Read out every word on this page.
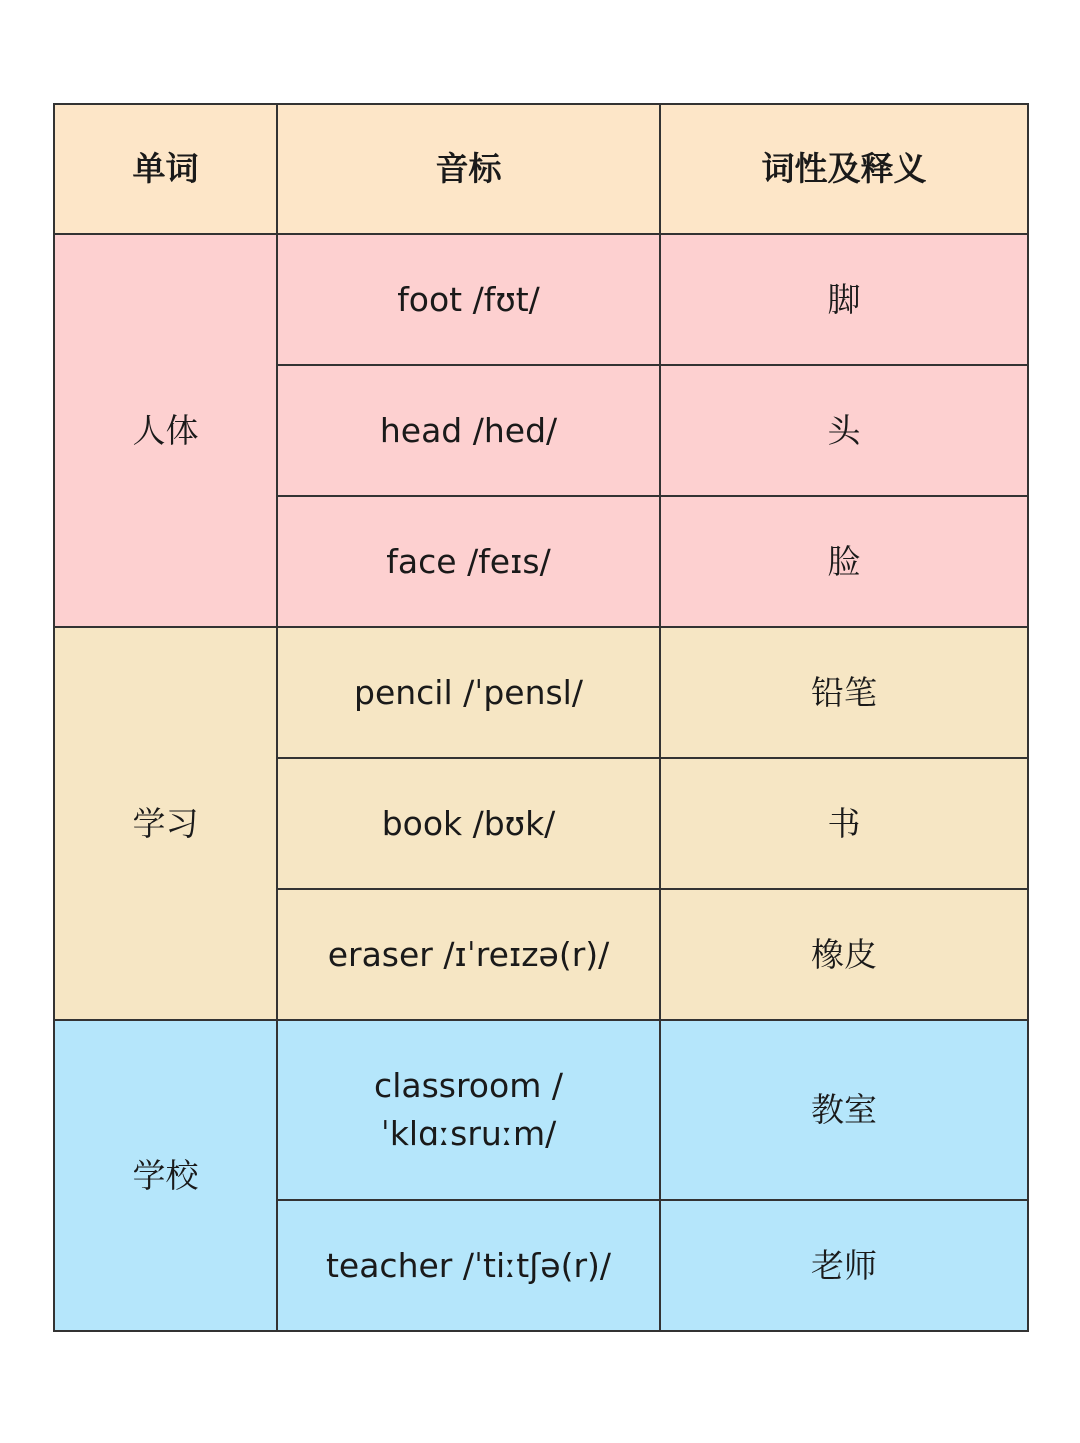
单词	音标	词性及释义
人体	foot /fʊt/	脚
	head /hed/	头
	face /feɪs/	脸
学习	pencil /ˈpensl/	铅笔
	book /bʊk/	书
	eraser /ɪˈreɪzə(r)/	橡皮
学校	classroom / ˈklɑːsruːm/	教室
	teacher /ˈtiːtʃə(r)/	老师
